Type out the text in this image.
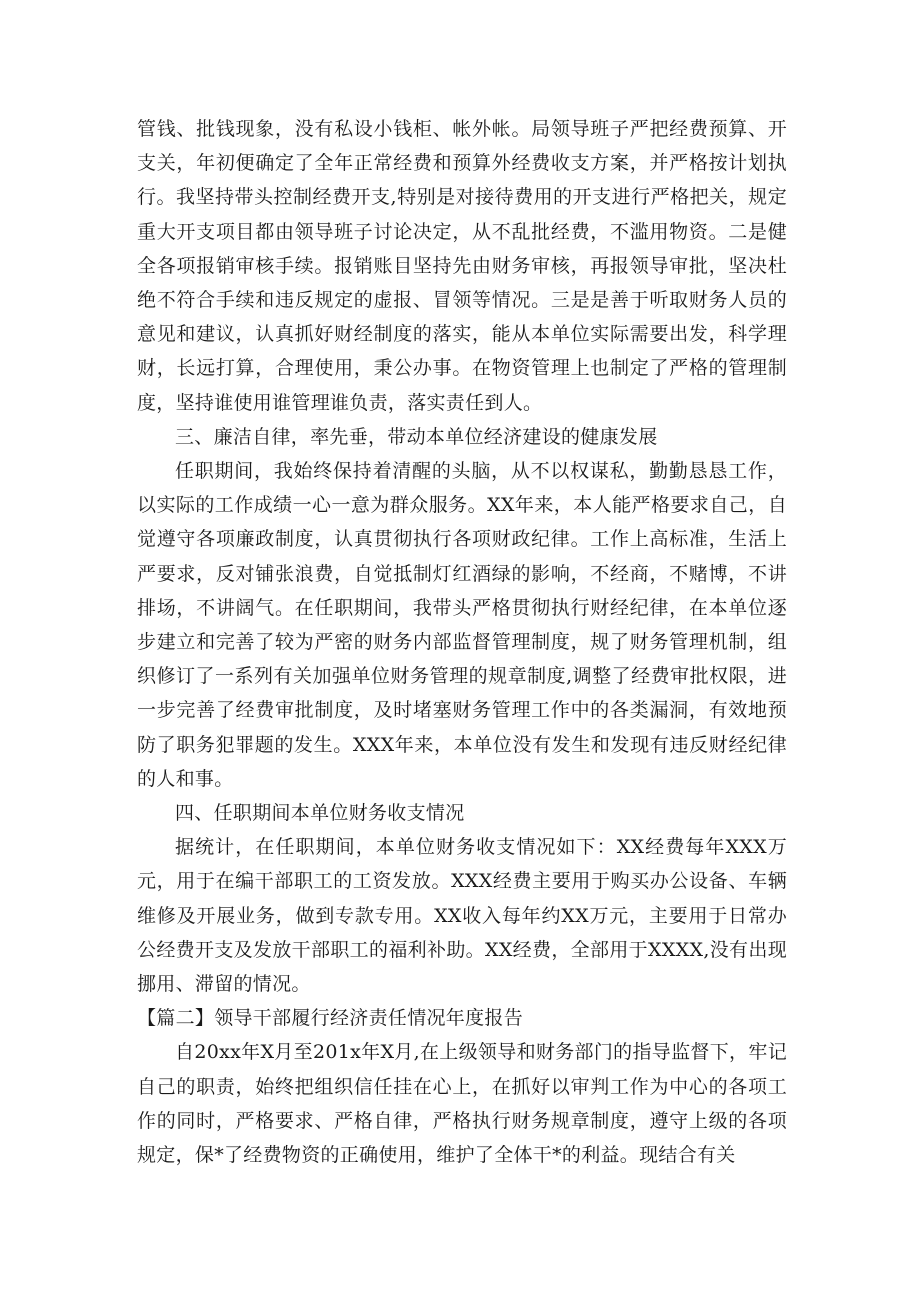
管钱、批钱现象，没有私设小钱柜、帐外帐。局领导班子严把经费预算、开支关，年初便确定了全年正常经费和预算外经费收支方案，并严格按计划执行。我坚持带头控制经费开支,特别是对接待费用的开支进行严格把关，规定重大开支项目都由领导班子讨论决定，从不乱批经费，不滥用物资。二是健全各项报销审核手续。报销账目坚持先由财务审核，再报领导审批，坚决杜绝不符合手续和违反规定的虚报、冒领等情况。三是是善于听取财务人员的意见和建议，认真抓好财经制度的落实，能从本单位实际需要出发，科学理财，长远打算，合理使用，秉公办事。在物资管理上也制定了严格的管理制度，坚持谁使用谁管理谁负责，落实责任到人。

三、廉洁自律，率先垂，带动本单位经济建设的健康发展

任职期间，我始终保持着清醒的头脑，从不以权谋私，勤勤恳恳工作，以实际的工作成绩一心一意为群众服务。XX年来，本人能严格要求自己，自觉遵守各项廉政制度，认真贯彻执行各项财政纪律。工作上高标准，生活上严要求，反对铺张浪费，自觉抵制灯红酒绿的影响，不经商，不赌博，不讲排场，不讲阔气。在任职期间，我带头严格贯彻执行财经纪律，在本单位逐步建立和完善了较为严密的财务内部监督管理制度，规了财务管理机制，组织修订了一系列有关加强单位财务管理的规章制度,调整了经费审批权限，进一步完善了经费审批制度，及时堵塞财务管理工作中的各类漏洞，有效地预防了职务犯罪题的发生。XXX年来，本单位没有发生和发现有违反财经纪律的人和事。

四、任职期间本单位财务收支情况

据统计，在任职期间，本单位财务收支情况如下：XX经费每年XXX万元，用于在编干部职工的工资发放。XXX经费主要用于购买办公设备、车辆维修及开展业务，做到专款专用。XX收入每年约XX万元，主要用于日常办公经费开支及发放干部职工的福利补助。XX经费，全部用于XXXX,没有出现挪用、滞留的情况。

【篇二】领导干部履行经济责任情况年度报告

自20xx年X月至201x年X月,在上级领导和财务部门的指导监督下，牢记自己的职责，始终把组织信任挂在心上，在抓好以审判工作为中心的各项工作的同时，严格要求、严格自律，严格执行财务规章制度，遵守上级的各项规定，保*了经费物资的正确使用，维护了全体干*的利益。现结合有关
